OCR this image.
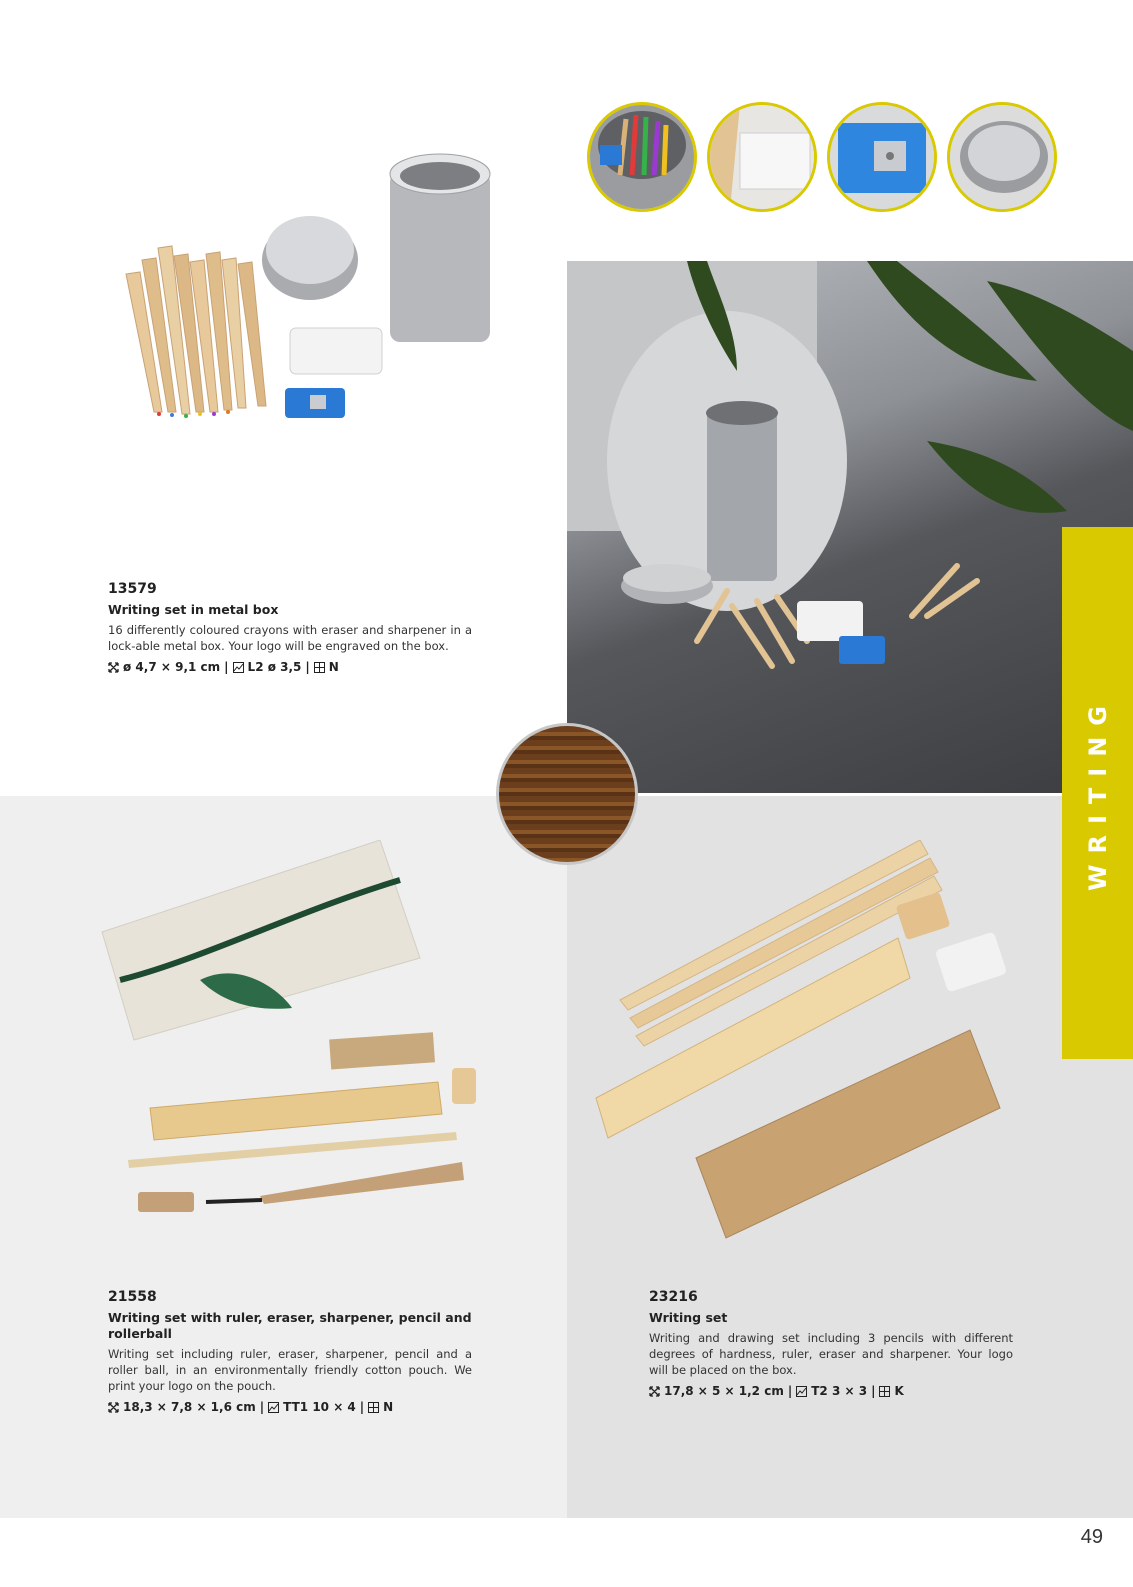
13579
Writing set in metal box
16 differently coloured crayons with eraser and sharpener in a lock-able metal box. Your logo will be engraved on the box.
ø 4,7 × 9,1 cm | L2 ø 3,5 | N
WRITING
21558
Writing set with ruler, eraser, sharpener, pencil and rollerball
Writing set including ruler, eraser, sharpener, pencil and a roller ball, in an environmentally friendly cotton pouch. We print your logo on the pouch.
18,3 × 7,8 × 1,6 cm | TT1 10 × 4 | N
23216
Writing set
Writing and drawing set including 3 pencils with different degrees of hardness, ruler, eraser and sharpener. Your logo will be placed on the box.
17,8 × 5 × 1,2 cm | T2 3 × 3 | K
49
